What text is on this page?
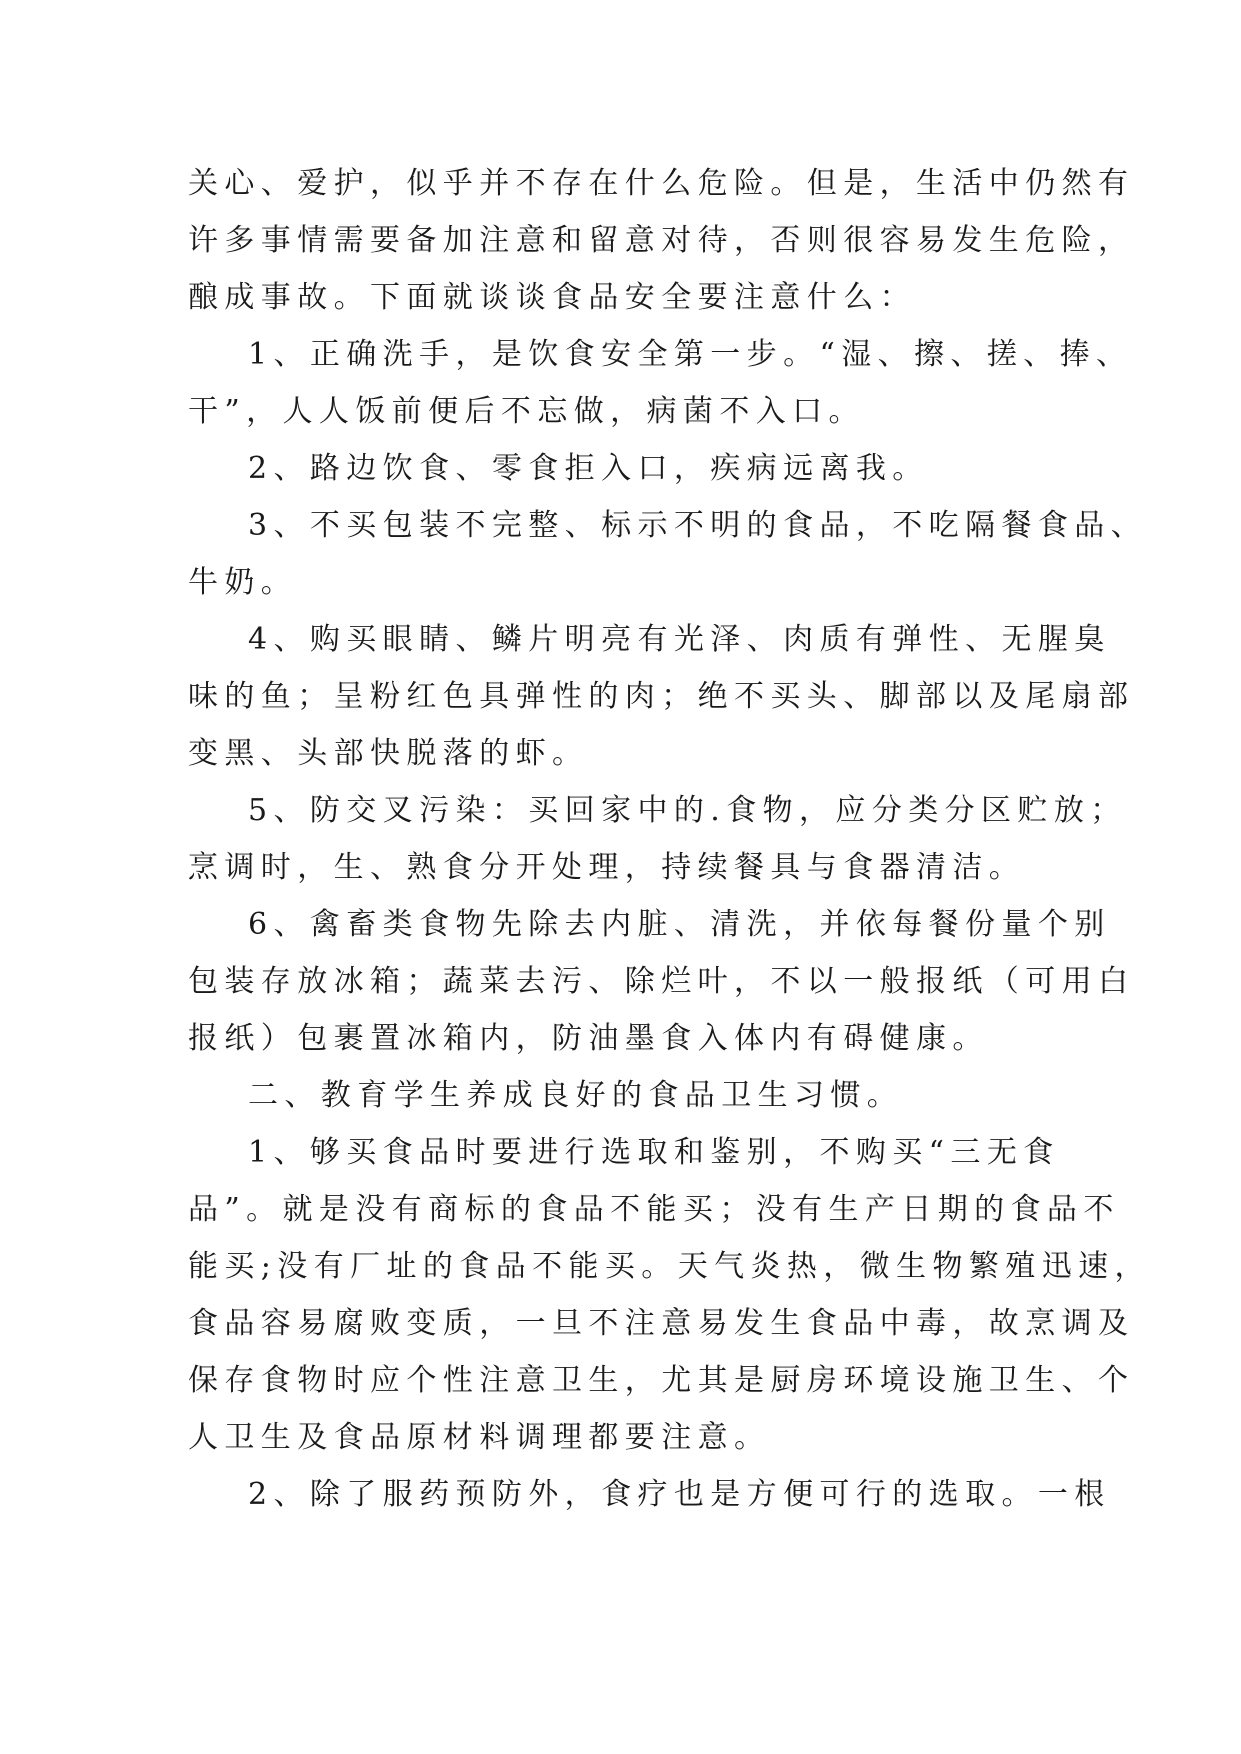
关心、爱护，似乎并不存在什么危险。但是，生活中仍然有
许多事情需要备加注意和留意对待，否则很容易发生危险，
酿成事故。下面就谈谈食品安全要注意什么：
1、正确洗手，是饮食安全第一步。“湿、擦、搓、捧、
干”，人人饭前便后不忘做，病菌不入口。
2、路边饮食、零食拒入口，疾病远离我。
3、不买包装不完整、标示不明的食品，不吃隔餐食品、
牛奶。
4、购买眼睛、鳞片明亮有光泽、肉质有弹性、无腥臭
味的鱼；呈粉红色具弹性的肉；绝不买头、脚部以及尾扇部
变黑、头部快脱落的虾。
5、防交叉污染：买回家中的.食物，应分类分区贮放；
烹调时，生、熟食分开处理，持续餐具与食器清洁。
6、禽畜类食物先除去内脏、清洗，并依每餐份量个别
包装存放冰箱；蔬菜去污、除烂叶，不以一般报纸（可用白
报纸）包裹置冰箱内，防油墨食入体内有碍健康。
二、教育学生养成良好的食品卫生习惯。
1、够买食品时要进行选取和鉴别，不购买“三无食
品”。就是没有商标的食品不能买；没有生产日期的食品不
能买;没有厂址的食品不能买。天气炎热，微生物繁殖迅速，
食品容易腐败变质，一旦不注意易发生食品中毒，故烹调及
保存食物时应个性注意卫生，尤其是厨房环境设施卫生、个
人卫生及食品原材料调理都要注意。
2、除了服药预防外，食疗也是方便可行的选取。一根
